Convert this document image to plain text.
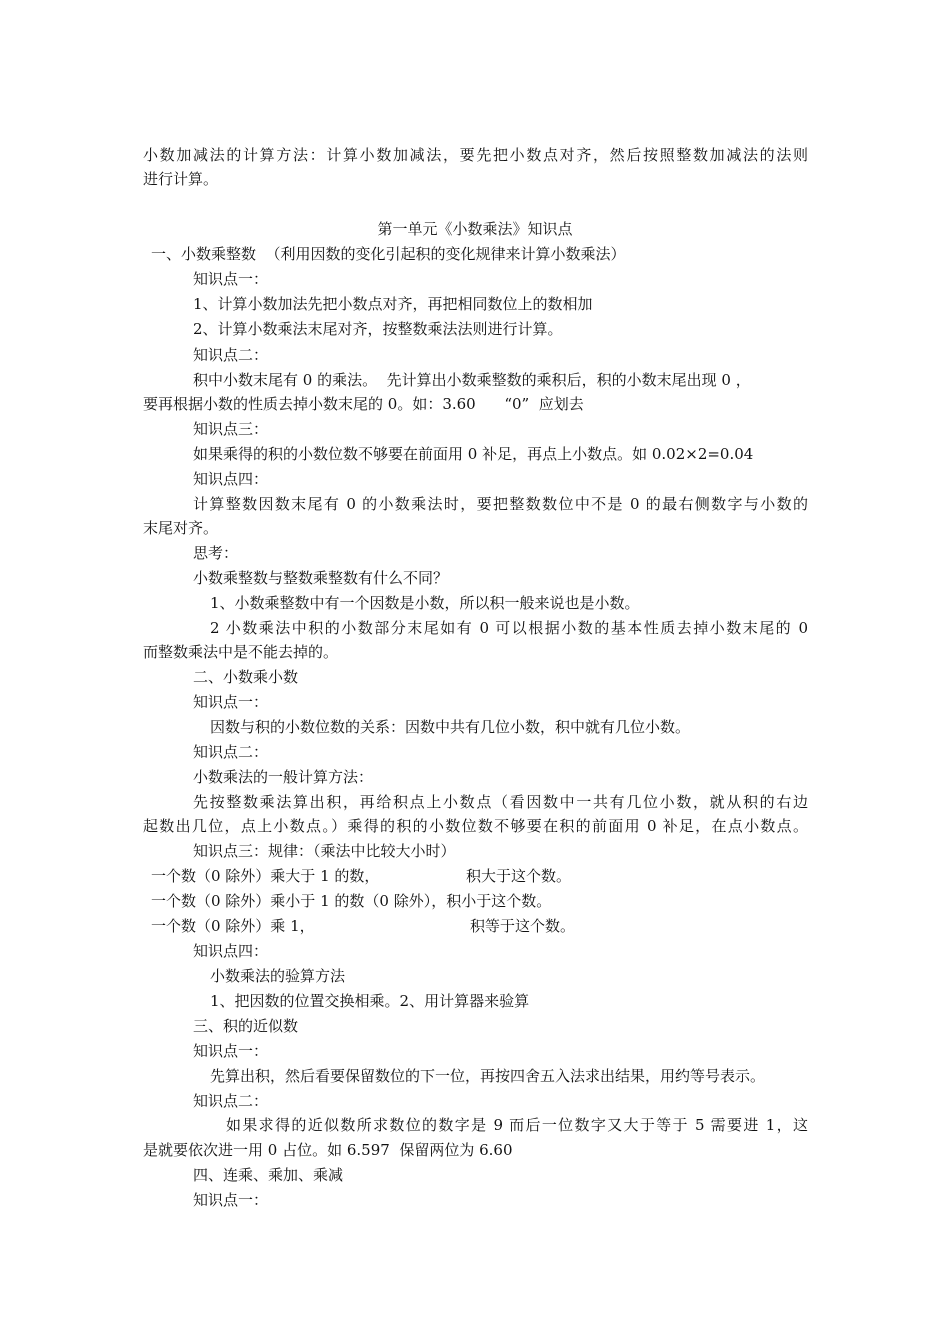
小数加减法的计算方法：计算小数加减法，要先把小数点对齐，然后按照整数加减法的法则
进行计算。
第一单元《小数乘法》知识点
一、小数乘整数  （利用因数的变化引起积的变化规律来计算小数乘法）
知识点一：
1、计算小数加法先把小数点对齐，再把相同数位上的数相加
2、计算小数乘法末尾对齐，按整数乘法法则进行计算。
知识点二：
积中小数末尾有 0 的乘法。  先计算出小数乘整数的乘积后，积的小数末尾出现 0 ，
要再根据小数的性质去掉小数末尾的 0。如：3.60      “0”  应划去
知识点三：
如果乘得的积的小数位数不够要在前面用 0 补足，再点上小数点。如 0.02×2=0.04
知识点四：
计算整数因数末尾有 0 的小数乘法时，要把整数数位中不是 0 的最右侧数字与小数的
末尾对齐。
思考：
小数乘整数与整数乘整数有什么不同？
1、小数乘整数中有一个因数是小数，所以积一般来说也是小数。
2 小数乘法中积的小数部分末尾如有 0 可以根据小数的基本性质去掉小数末尾的 0
而整数乘法中是不能去掉的。
二、小数乘小数
知识点一：
因数与积的小数位数的关系：因数中共有几位小数，积中就有几位小数。
知识点二：
小数乘法的一般计算方法：
先按整数乘法算出积，再给积点上小数点（看因数中一共有几位小数，就从积的右边
起数出几位，点上小数点。）乘得的积的小数位数不够要在积的前面用 0 补足，在点小数点。
知识点三：规律：（乘法中比较大小时）
一个数（0 除外）乘大于 1 的数，	积大于这个数。
一个数（0 除外）乘小于 1 的数（0 除外），积小于这个数。
一个数（0 除外）乘 1，	积等于这个数。
知识点四：
小数乘法的验算方法
1、把因数的位置交换相乘。2、用计算器来验算
三、积的近似数
知识点一：
先算出积，然后看要保留数位的下一位，再按四舍五入法求出结果，用约等号表示。
知识点二：
如果求得的近似数所求数位的数字是 9 而后一位数字又大于等于 5 需要进 1，这
是就要依次进一用 0 占位。如 6.597  保留两位为 6.60
四、连乘、乘加、乘减
知识点一：
